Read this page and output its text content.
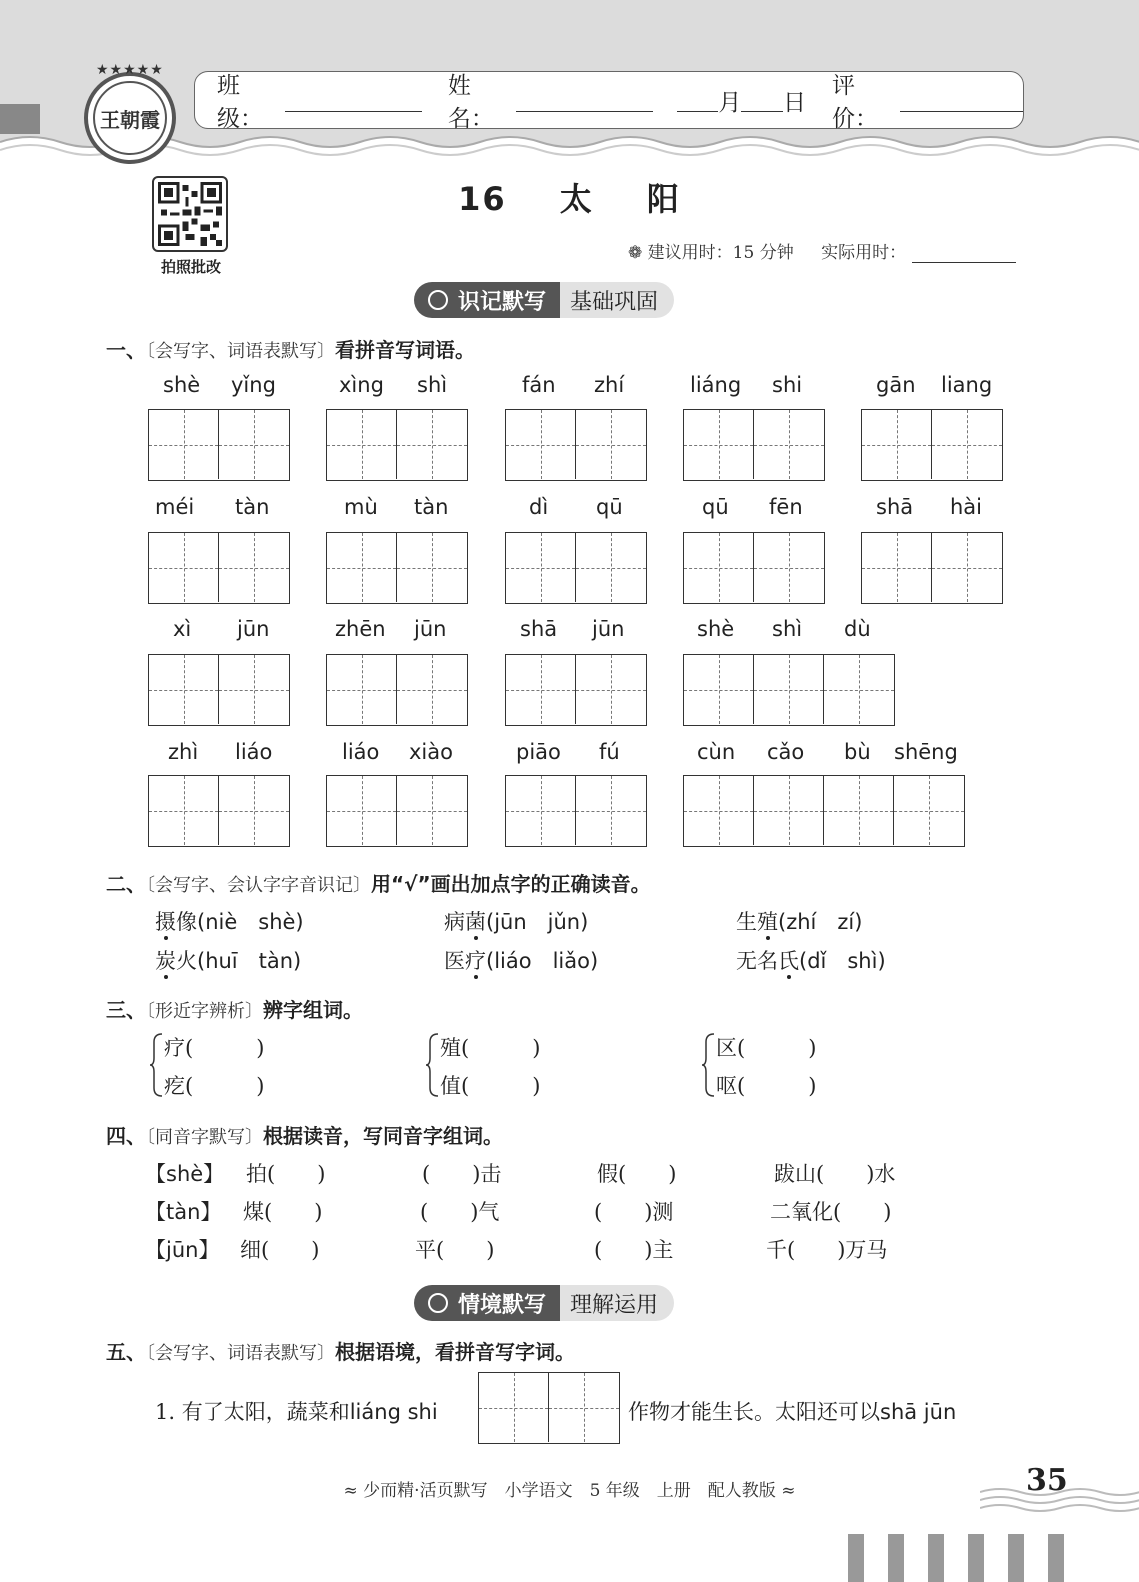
★★★★★
王朝霞
班级：
姓名：
月 日
评价：
拍照批改
16 太 阳
❁ 建议用时：15 分钟 实际用时：
识记默写	基础巩固
一、〔会写字、词语表默写〕看拼音写词语。
shè yǐng	xìng shì	fán zhí	liáng shi	gān liang
méi tàn	mù tàn	dì qū	qū fēn	shā hài
xì jūn	zhēn jūn	shā jūn	shè shì dù
zhì liáo	liáo xiào	piāo fú	cùn cǎo bù shēng
二、〔会写字、会认字字音识记〕用“√”画出加点字的正确读音。
摄像(niè　shè)	病菌(jūn　jǔn)	生殖(zhí　zí)
炭火(huī　tàn)	医疗(liáo　liǎo)	无名氏(dǐ　shì)
三、〔形近字辨析〕辨字组词。
疗(　　　)
疙(　　　)
殖(　　　)
值(　　　)
区(　　　)
呕(　　　)
四、〔同音字默写〕根据读音，写同音字组词。
【shè】 拍(　　)	(　　)击	假(　　)	跋山(　　)水
【tàn】 煤(　　)	(　　)气	(　　)测	二氧化(　　)
【jūn】 细(　　)	平(　　)	(　　)主	千(　　)万马
情境默写	理解运用
五、〔会写字、词语表默写〕根据语境，看拼音写字词。
1. 有了太阳，蔬菜和liáng shi	作物才能生长。太阳还可以shā jūn
≈ 少而精·活页默写　小学语文　5 年级　上册　配人教版 ≈	35
